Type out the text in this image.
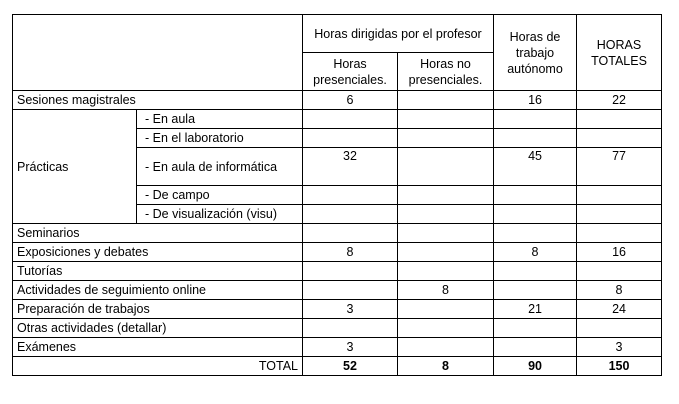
		Horas dirigidas por el profesor		Horas de trabajo autónomo	HORAS TOTALES
		Horas presenciales.	Horas no presenciales.		
Sesiones magistrales		6		16	22
Prácticas	- En aula				
	- En el laboratorio				
	- En aula de informática	32		45	77
	- De campo				
	- De visualización (visu)				
Seminarios					
Exposiciones y debates		8		8	16
Tutorías					
Actividades de seguimiento online			8		8
Preparación de trabajos		3		21	24
Otras actividades (detallar)					
Exámenes		3			3
TOTAL		52	8	90	150
